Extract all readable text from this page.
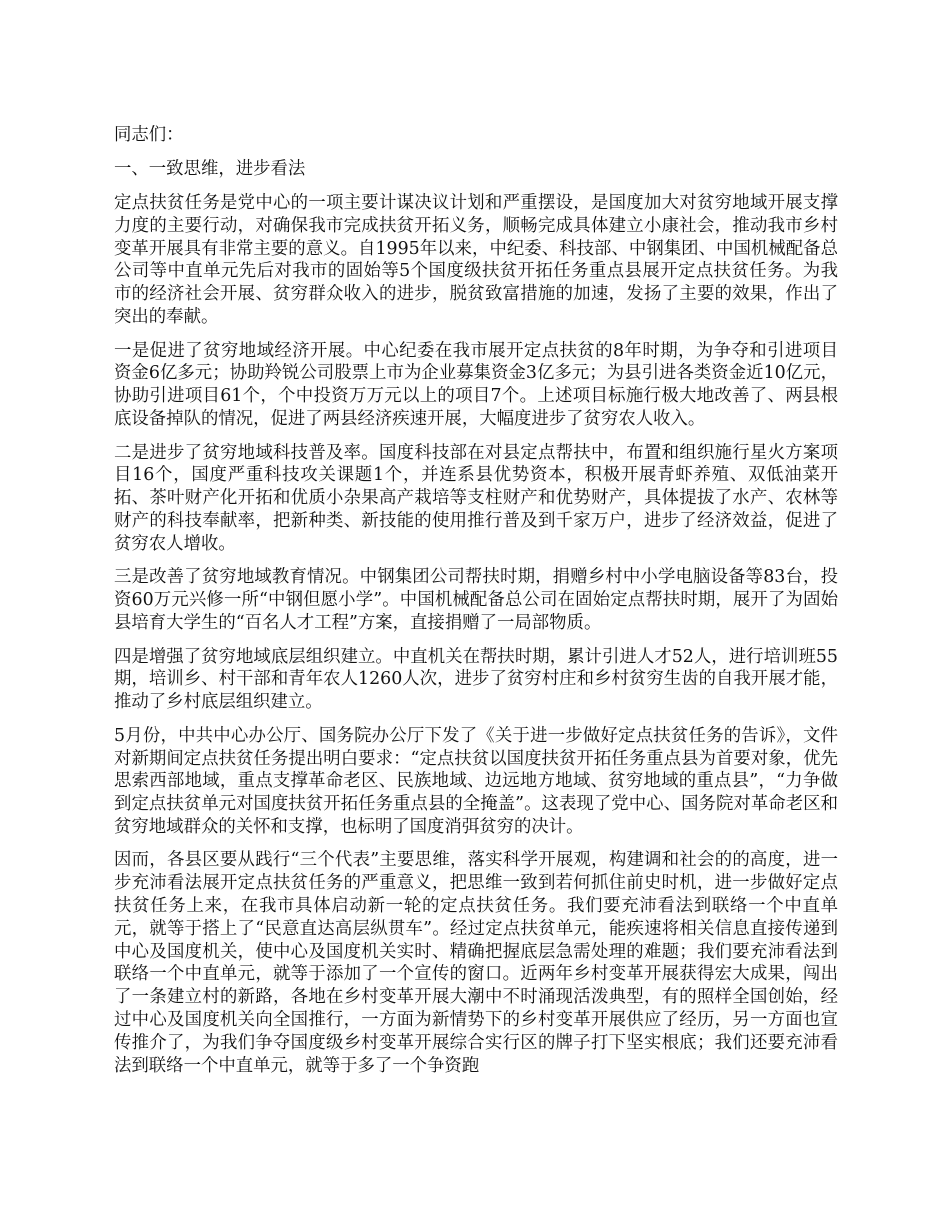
同志们：

一、一致思维，进步看法

定点扶贫任务是党中心的一项主要计谋决议计划和严重摆设，是国度加大对贫穷地域开展支撑力度的主要行动，对确保我市完成扶贫开拓义务，顺畅完成具体建立小康社会，推动我市乡村变革开展具有非常主要的意义。自1995年以来，中纪委、科技部、中钢集团、中国机械配备总公司等中直单元先后对我市的固始等5个国度级扶贫开拓任务重点县展开定点扶贫任务。为我市的经济社会开展、贫穷群众收入的进步，脱贫致富措施的加速，发扬了主要的效果，作出了突出的奉献。

一是促进了贫穷地域经济开展。中心纪委在我市展开定点扶贫的8年时期，为争夺和引进项目资金6亿多元；协助羚锐公司股票上市为企业募集资金3亿多元；为县引进各类资金近10亿元，协助引进项目61个，个中投资万万元以上的项目7个。上述项目标施行极大地改善了、两县根底设备掉队的情况，促进了两县经济疾速开展，大幅度进步了贫穷农人收入。

二是进步了贫穷地域科技普及率。国度科技部在对县定点帮扶中，布置和组织施行星火方案项目16个，国度严重科技攻关课题1个，并连系县优势资本，积极开展青虾养殖、双低油菜开拓、茶叶财产化开拓和优质小杂果高产栽培等支柱财产和优势财产，具体提拔了水产、农林等财产的科技奉献率，把新种类、新技能的使用推行普及到千家万户，进步了经济效益，促进了贫穷农人增收。

三是改善了贫穷地域教育情况。中钢集团公司帮扶时期，捐赠乡村中小学电脑设备等83台，投资60万元兴修一所“中钢但愿小学”。中国机械配备总公司在固始定点帮扶时期，展开了为固始县培育大学生的“百名人才工程”方案，直接捐赠了一局部物质。

四是增强了贫穷地域底层组织建立。中直机关在帮扶时期，累计引进人才52人，进行培训班55期，培训乡、村干部和青年农人1260人次，进步了贫穷村庄和乡村贫穷生齿的自我开展才能，推动了乡村底层组织建立。

5月份，中共中心办公厅、国务院办公厅下发了《关于进一步做好定点扶贫任务的告诉》，文件对新期间定点扶贫任务提出明白要求：“定点扶贫以国度扶贫开拓任务重点县为首要对象，优先思索西部地域，重点支撑革命老区、民族地域、边远地方地域、贫穷地域的重点县”，“力争做到定点扶贫单元对国度扶贫开拓任务重点县的全掩盖”。这表现了党中心、国务院对革命老区和贫穷地域群众的关怀和支撑，也标明了国度消弭贫穷的决计。

因而，各县区要从践行“三个代表”主要思维，落实科学开展观，构建调和社会的的高度，进一步充沛看法展开定点扶贫任务的严重意义，把思维一致到若何抓住前史时机，进一步做好定点扶贫任务上来，在我市具体启动新一轮的定点扶贫任务。我们要充沛看法到联络一个中直单元，就等于搭上了“民意直达高层纵贯车”。经过定点扶贫单元，能疾速将相关信息直接传递到中心及国度机关，使中心及国度机关实时、精确把握底层急需处理的难题；我们要充沛看法到联络一个中直单元，就等于添加了一个宣传的窗口。近两年乡村变革开展获得宏大成果，闯出了一条建立村的新路，各地在乡村变革开展大潮中不时涌现活泼典型，有的照样全国创始，经过中心及国度机关向全国推行，一方面为新情势下的乡村变革开展供应了经历，另一方面也宣传推介了，为我们争夺国度级乡村变革开展综合实行区的牌子打下坚实根底；我们还要充沛看法到联络一个中直单元，就等于多了一个争资跑
